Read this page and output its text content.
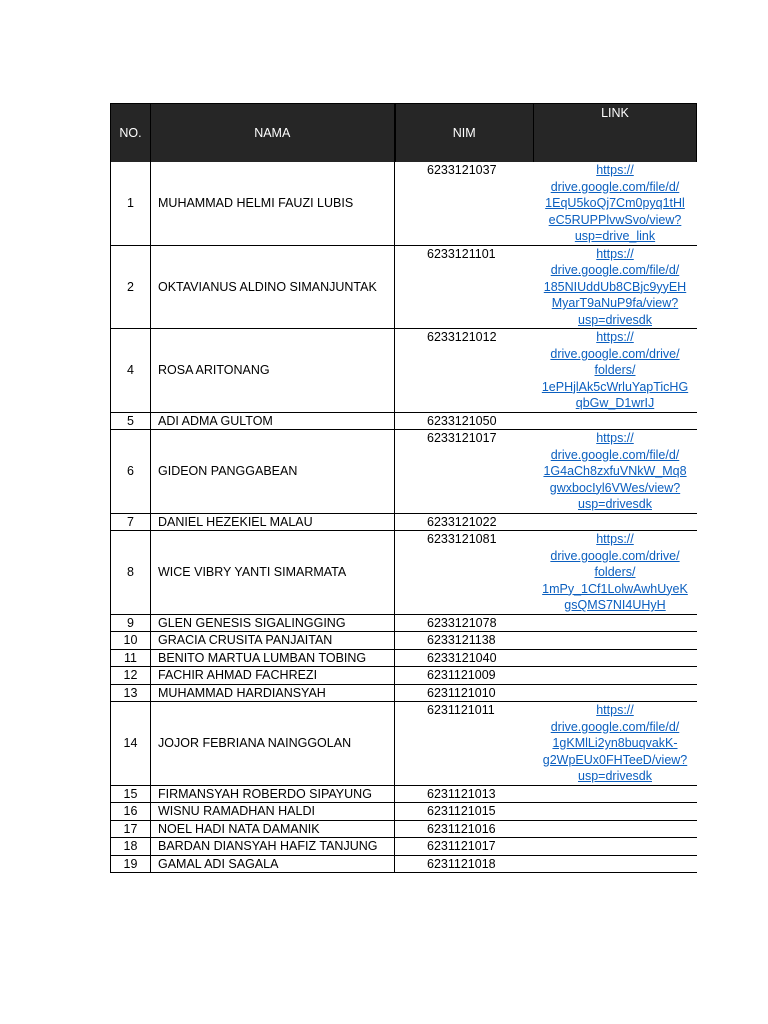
NO.	NAMA	NIM	LINK
1	MUHAMMAD HELMI FAUZI LUBIS	6233121037	https://
drive.google.com/file/d/
1EqU5koQj7Cm0pyq1tHl
eC5RUPPlvwSvo/view?
usp=drive_link

2	OKTAVIANUS ALDINO SIMANJUNTAK	6233121101	https://
drive.google.com/file/d/
185NIUddUb8CBjc9yyEH
MyarT9aNuP9fa/view?
usp=drivesdk

4	ROSA ARITONANG	6233121012	https://
drive.google.com/drive/
folders/
1ePHjlAk5cWrluYapTicHG
qbGw_D1wrIJ

5	ADI ADMA GULTOM	6233121050	
6	GIDEON PANGGABEAN	6233121017	https://
drive.google.com/file/d/
1G4aCh8zxfuVNkW_Mq8
gwxbocIyl6VWes/view?
usp=drivesdk

7	DANIEL HEZEKIEL MALAU	6233121022	
8	WICE VIBRY YANTI SIMARMATA	6233121081	https://
drive.google.com/drive/
folders/
1mPy_1Cf1LolwAwhUyeK
gsQMS7NI4UHyH

9	GLEN GENESIS SIGALINGGING	6233121078	
10	GRACIA CRUSITA PANJAITAN	6233121138	
11	BENITO MARTUA LUMBAN TOBING	6233121040	
12	FACHIR AHMAD FACHREZI	6231121009	
13	MUHAMMAD HARDIANSYAH	6231121010	
14	JOJOR FEBRIANA NAINGGOLAN	6231121011	https://
drive.google.com/file/d/
1gKMlLi2yn8buqvakK-
g2WpEUx0FHTeeD/view?
usp=drivesdk

15	FIRMANSYAH ROBERDO SIPAYUNG	6231121013	
16	WISNU RAMADHAN HALDI	6231121015	
17	NOEL HADI NATA DAMANIK	6231121016	
18	BARDAN DIANSYAH HAFIZ TANJUNG	6231121017	
19	GAMAL ADI SAGALA	6231121018	
